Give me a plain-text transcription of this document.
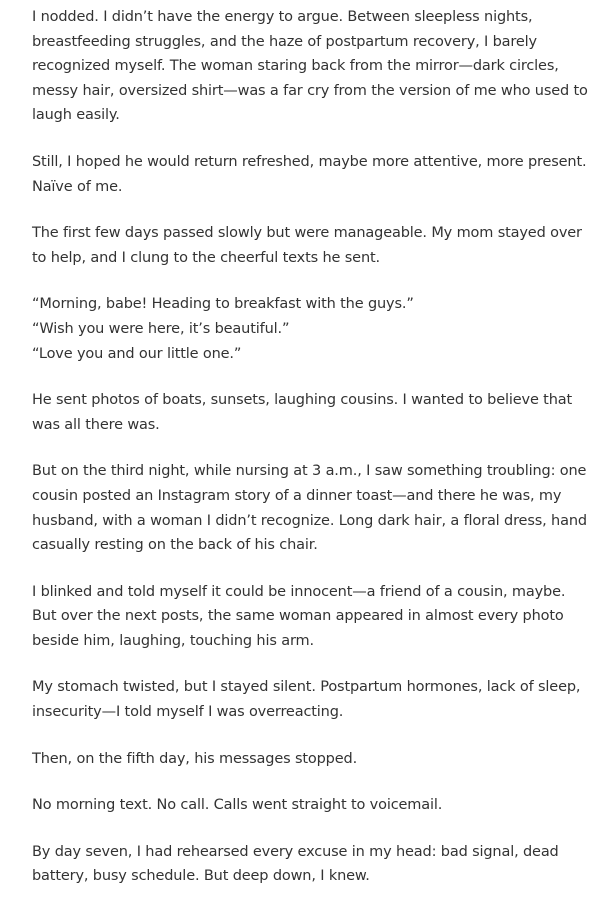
I nodded. I didn’t have the energy to argue. Between sleepless nights, breastfeeding struggles, and the haze of postpartum recovery, I barely recognized myself. The woman staring back from the mirror—dark circles, messy hair, oversized shirt—was a far cry from the version of me who used to laugh easily.

Still, I hoped he would return refreshed, maybe more attentive, more present. Naïve of me.

The first few days passed slowly but were manageable. My mom stayed over to help, and I clung to the cheerful texts he sent.

“Morning, babe! Heading to breakfast with the guys.”
“Wish you were here, it’s beautiful.”
“Love you and our little one.”

He sent photos of boats, sunsets, laughing cousins. I wanted to believe that was all there was.

But on the third night, while nursing at 3 a.m., I saw something troubling: one cousin posted an Instagram story of a dinner toast—and there he was, my husband, with a woman I didn’t recognize. Long dark hair, a floral dress, hand casually resting on the back of his chair.

I blinked and told myself it could be innocent—a friend of a cousin, maybe. But over the next posts, the same woman appeared in almost every photo beside him, laughing, touching his arm.

My stomach twisted, but I stayed silent. Postpartum hormones, lack of sleep, insecurity—I told myself I was overreacting.

Then, on the fifth day, his messages stopped.

No morning text. No call. Calls went straight to voicemail.

By day seven, I had rehearsed every excuse in my head: bad signal, dead battery, busy schedule. But deep down, I knew.
